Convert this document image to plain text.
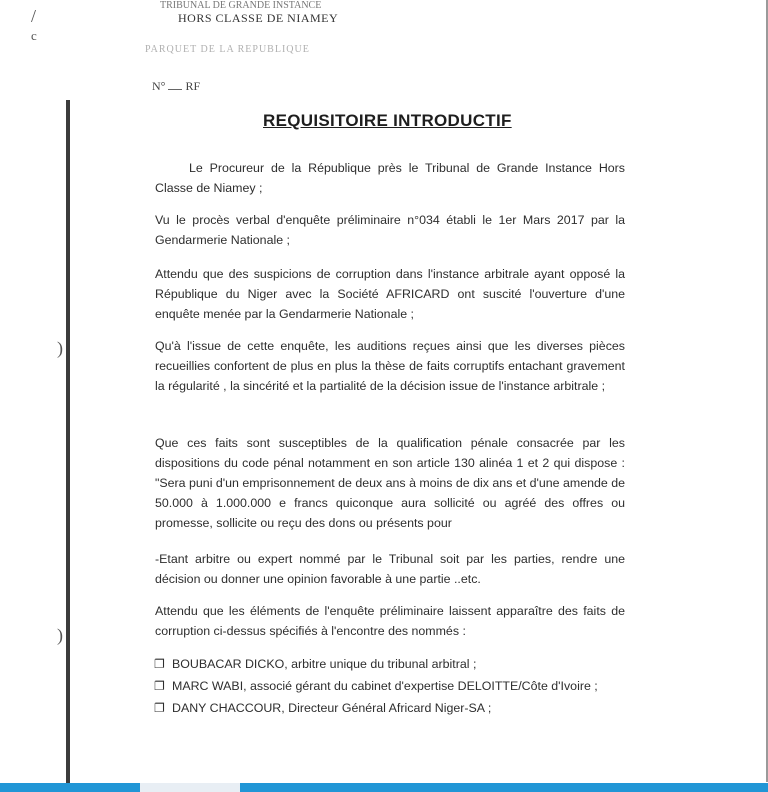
/
c
)
)
TRIBUNAL DE GRANDE INSTANCE
HORS CLASSE DE NIAMEY
PARQUET DE LA REPUBLIQUE
N° RF
REQUISITOIRE INTRODUCTIF
Le Procureur de la République près le Tribunal de Grande Instance Hors Classe de Niamey ;
Vu le procès verbal d'enquête préliminaire n°034 établi le 1er Mars 2017 par la Gendarmerie Nationale ;
Attendu que des suspicions de corruption dans l'instance arbitrale ayant opposé la République du Niger avec la Société AFRICARD ont suscité l'ouverture d'une enquête menée par la Gendarmerie Nationale ;
Qu'à l'issue de cette enquête, les auditions reçues ainsi que les diverses pièces recueillies confortent de plus en plus la thèse de faits corruptifs entachant gravement la régularité , la sincérité et la partialité de la décision issue de l'instance arbitrale ;
Que ces faits sont susceptibles de la qualification pénale consacrée par les dispositions du code pénal notamment en son article 130 alinéa 1 et 2 qui dispose : "Sera puni d'un emprisonnement de deux ans à moins de dix ans et d'une amende de 50.000 à 1.000.000 e francs quiconque aura sollicité ou agréé des offres ou promesse, sollicite ou reçu des dons ou présents pour
-Etant arbitre ou expert nommé par le Tribunal soit par les parties, rendre une décision ou donner une opinion favorable à une partie ..etc.
Attendu que les éléments de l'enquête préliminaire laissent apparaître des faits de corruption ci-dessus spécifiés à l'encontre des nommés :
❐ BOUBACAR DICKO, arbitre unique du tribunal arbitral ;
❐ MARC WABI, associé gérant du cabinet d'expertise DELOITTE/Côte d'Ivoire ;
❐ DANY CHACCOUR, Directeur Général Africard Niger-SA ;
